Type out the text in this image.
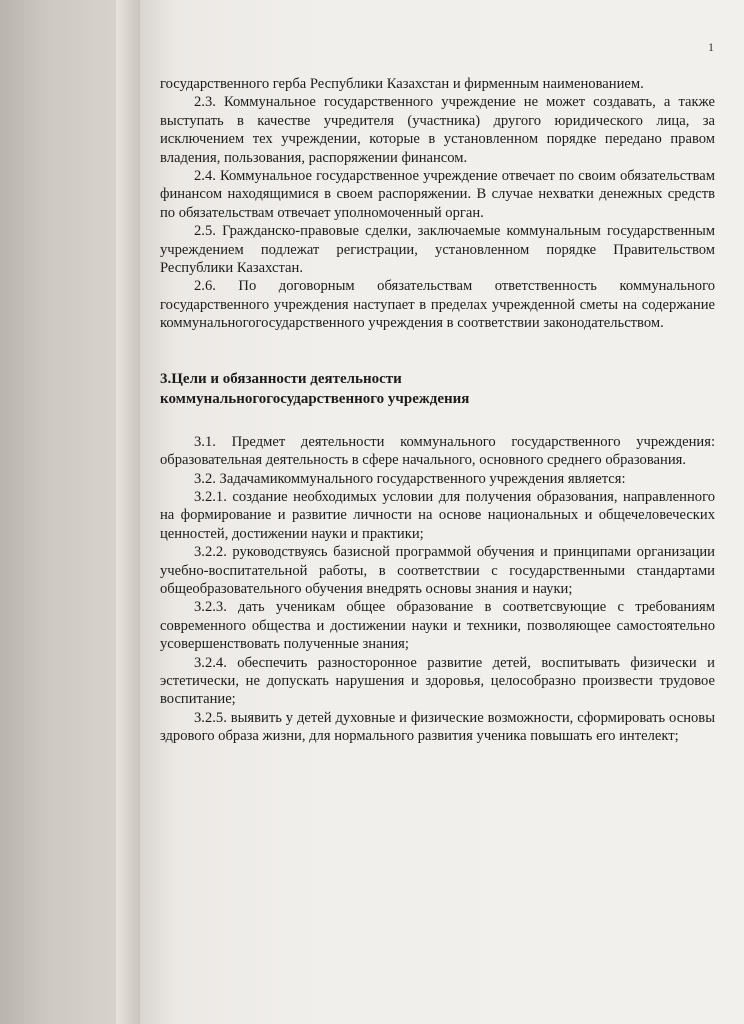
1

государственного герба Республики Казахстан и фирменным наименованием.

2.3. Коммунальное государственного учреждение не может создавать, а также выступать в качестве учредителя (участника) другого юридического лица, за исключением тех учреждении, которые в установленном порядке передано правом владения, пользования, распоряжении финансом.

2.4. Коммунальное государственное учреждение отвечает по своим обязательствам финансом находящимися в своем распоряжении. В случае нехватки денежных средств по обязательствам отвечает уполномоченный орган.

2.5. Гражданско-правовые сделки, заключаемые коммунальным государственным учреждением подлежат регистрации, установленном порядке Правительством Республики Казахстан.

2.6. По договорным обязательствам ответственность коммунального государственного учреждения наступает в пределах учрежденной сметы на содержание коммунальногогосударственного учреждения в соответствии законодательством.

3.Цели и обязанности деятельности

коммунальногогосударственного учреждения

3.1. Предмет деятельности коммунального государственного учреждения: образовательная деятельность в сфере начального, основного среднего образования.

3.2. Задачамикоммунального государственного учреждения является:

3.2.1. создание необходимых условии для получения образования, направленного на формирование и развитие личности на основе национальных и общечеловеческих ценностей, достижении науки и практики;

3.2.2. руководствуясь базисной программой обучения и принципами организации учебно-воспитательной работы, в соответствии с государственными стандартами общеобразовательного обучения внедрять основы знания и науки;

3.2.3. дать ученикам общее образование в соответсвующие с требованиям современного общества и достижении науки и техники, позволяющее самостоятельно усовершенствовать полученные знания;

3.2.4. обеспечить разносторонное развитие детей, воспитывать физически и эстетически, не допускать нарушения и здоровья, целособразно произвести трудовое воспитание;

3.2.5. выявить у детей духовные и физические возможности, сформировать основы здрового образа жизни, для нормального развития ученика повышать его интелект;
